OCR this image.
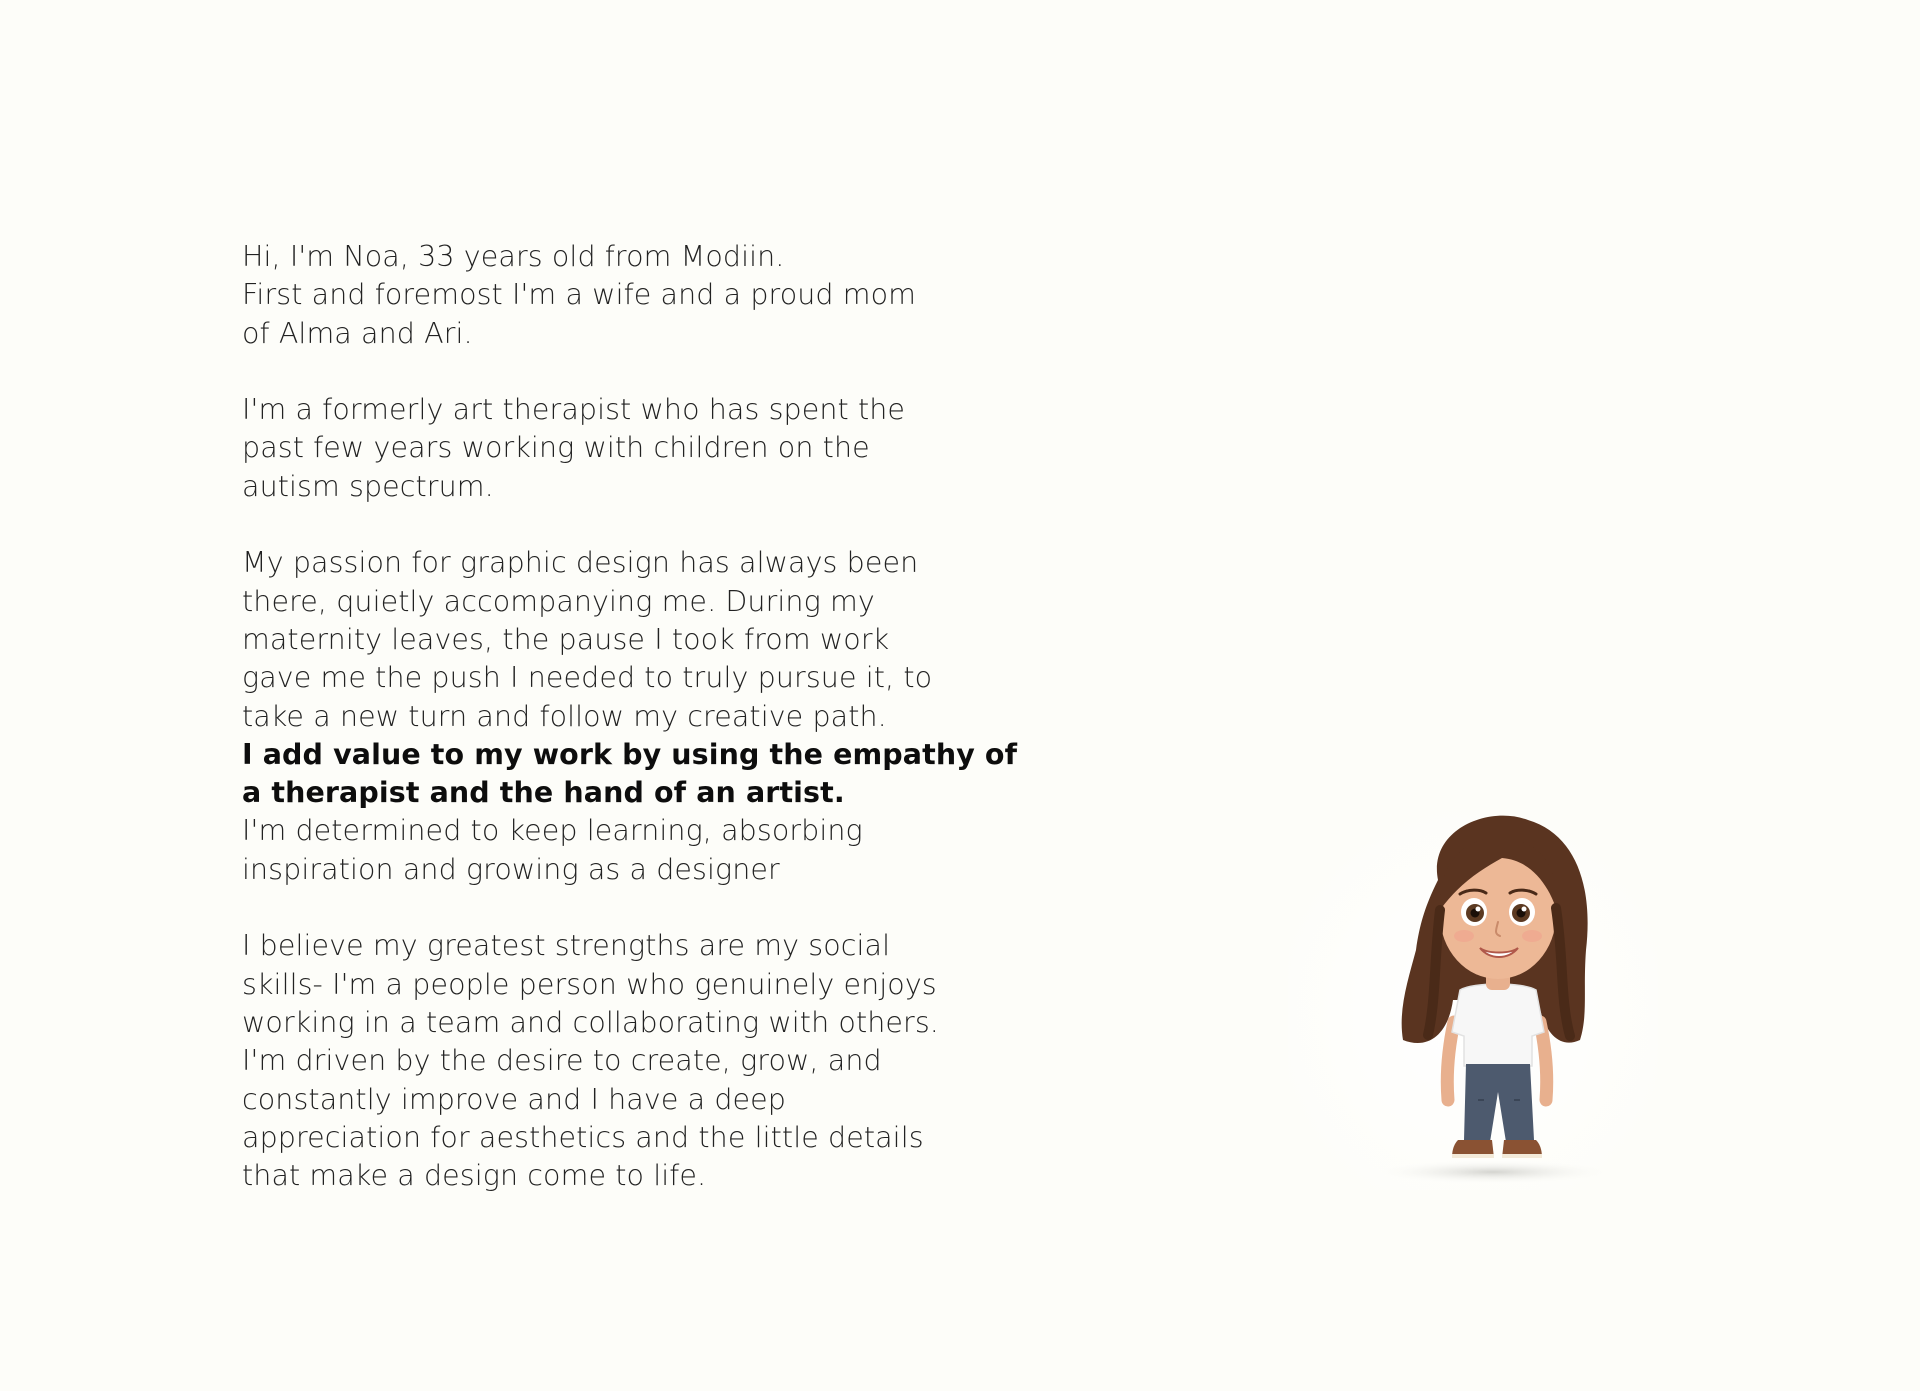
Hi, I'm Noa, 33 years old from Modiin.
First and foremost I'm a wife and a proud mom
of Alma and Ari.
I'm a formerly art therapist who has spent the
past few years working with children on the
autism spectrum.
My passion for graphic design has always been
there, quietly accompanying me. During my
maternity leaves, the pause I took from work
gave me the push I needed to truly pursue it, to
take a new turn and follow my creative path.
I add value to my work by using the empathy of
a therapist and the hand of an artist.
I'm determined to keep learning, absorbing
inspiration and growing as a designer
I believe my greatest strengths are my social
skills- I'm a people person who genuinely enjoys
working in a team and collaborating with others.
I'm driven by the desire to create, grow, and
constantly improve and I have a deep
appreciation for aesthetics and the little details
that make a design come to life.
